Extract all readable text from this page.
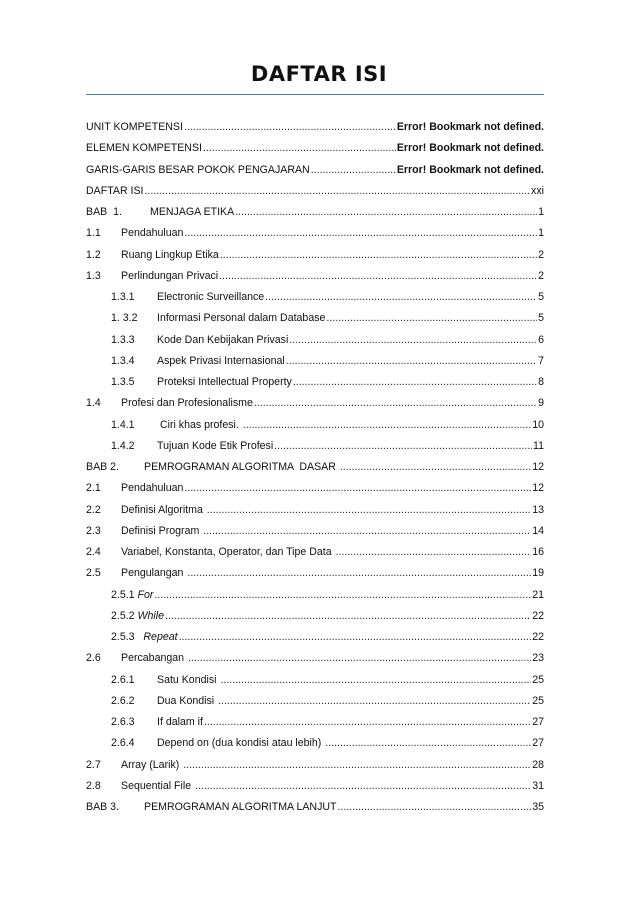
DAFTAR ISI
UNIT KOMPETENSI .....	Error! Bookmark not defined.
ELEMEN KOMPETENSI .....	Error! Bookmark not defined.
GARIS-GARIS BESAR POKOK PENGAJARAN .....	Error! Bookmark not defined.
DAFTAR ISI .....	xxi
BAB  1.	MENJAGA ETIKA .....	1
1.1	Pendahuluan .....	1
1.2	Ruang Lingkup Etika .....	2
1.3	Perlindungan Privaci .....	2
1.3.1	Electronic Surveillance .....	5
1. 3.2	Informasi Personal dalam Database .....	5
1.3.3	Kode Dan Kebijakan Privasi .....	6
1.3.4	Aspek Privasi Internasional .....	7
1.3.5	Proteksi Intellectual Property .....	8
1.4	Profesi dan Profesionalisme .....	9
1.4.1	Ciri khas profesi. .....	10
1.4.2	Tujuan Kode Etik Profesi .....	11
BAB 2.	PEMROGRAMAN ALGORITMA  DASAR .....	12
2.1	Pendahuluan .....	12
2.2	Definisi Algoritma .....	13
2.3	Definisi Program .....	14
2.4	Variabel, Konstanta, Operator, dan Tipe Data .....	16
2.5	Pengulangan .....	19
2.5.1 For .....	21
2.5.2 While .....	22
2.5.3 Repeat .....	22
2.6	Percabangan .....	23
2.6.1	Satu Kondisi .....	25
2.6.2	Dua Kondisi .....	25
2.6.3	If dalam if .....	27
2.6.4	Depend on (dua kondisi atau lebih) .....	27
2.7	Array (Larik) .....	28
2.8	Sequential File .....	31
BAB 3.	PEMROGRAMAN ALGORITMA LANJUT .....	35
